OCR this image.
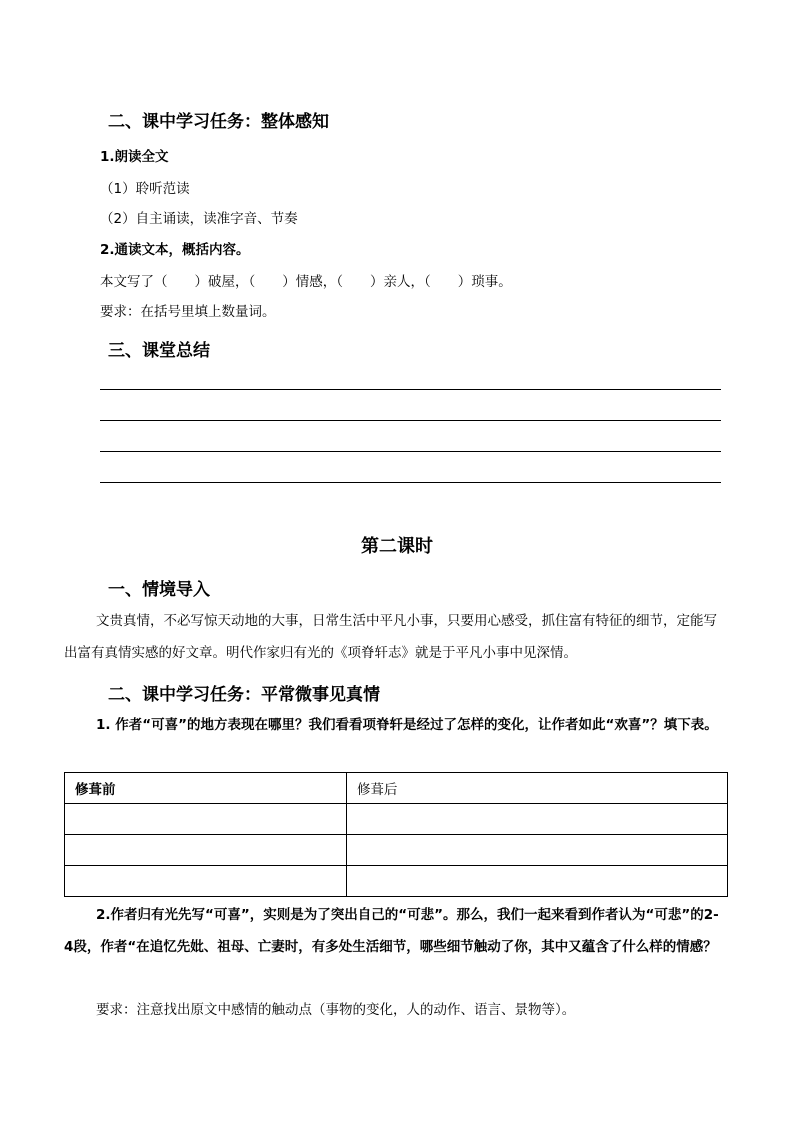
二、课中学习任务：整体感知
1.朗读全文
（1）聆听范读
（2）自主诵读，读准字音、节奏
2.通读文本，概括内容。
本文写了（　　）破屋，（　　）情感，（　　）亲人，（　　）琐事。
要求：在括号里填上数量词。
三、课堂总结
第二课时
一、情境导入
文贵真情，不必写惊天动地的大事，日常生活中平凡小事，只要用心感受，抓住富有特征的细节，定能写出富有真情实感的好文章。明代作家归有光的《项脊轩志》就是于平凡小事中见深情。
二、课中学习任务：平常微事见真情
1. 作者“可喜”的地方表现在哪里？我们看看项脊轩是经过了怎样的变化，让作者如此“欢喜”？填下表。
修葺前	修葺后

2.作者归有光先写“可喜”，实则是为了突出自己的“可悲”。那么，我们一起来看到作者认为“可悲”的2-4段，作者“在追忆先妣、祖母、亡妻时，有多处生活细节，哪些细节触动了你，其中又蕴含了什么样的情感？
要求：注意找出原文中感情的触动点（事物的变化，人的动作、语言、景物等）。
